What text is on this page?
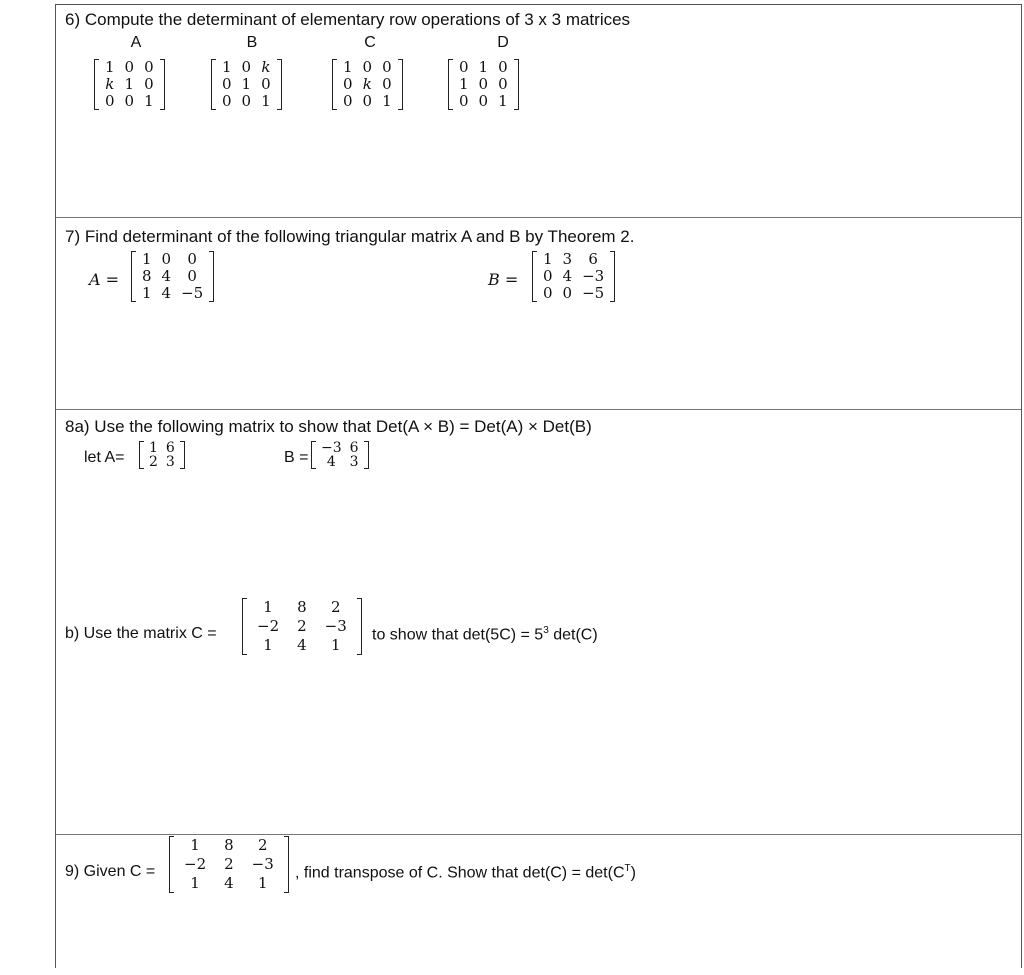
6) Compute the determinant of elementary row operations of 3 x 3 matrices
A	B	C	D
1	0	0
k	1	0
0	0	1
1	0	k
0	1	0
0	0	1
1	0	0
0	k	0
0	0	1
0	1	0
1	0	0
0	0	1
7) Find determinant of the following triangular matrix A and B by Theorem 2.
A =
1	0	0
8	4	0
1	4	−5
B =
1	3	6
0	4	−3
0	0	−5
8a) Use the following matrix to show that Det(A × B) = Det(A) × Det(B)
let A=
1	6
2	3	B =
−3	6
4	3
b) Use the matrix C =
1	8	2
−2	2	−3
1	4	1
to show that $\det(5C) = 5^3$ det(C)
9) Given C =
1	8	2
−2	2	−3
1	4	1
, find transpose of C. Show that $\det(C) = \det(C^T)$
